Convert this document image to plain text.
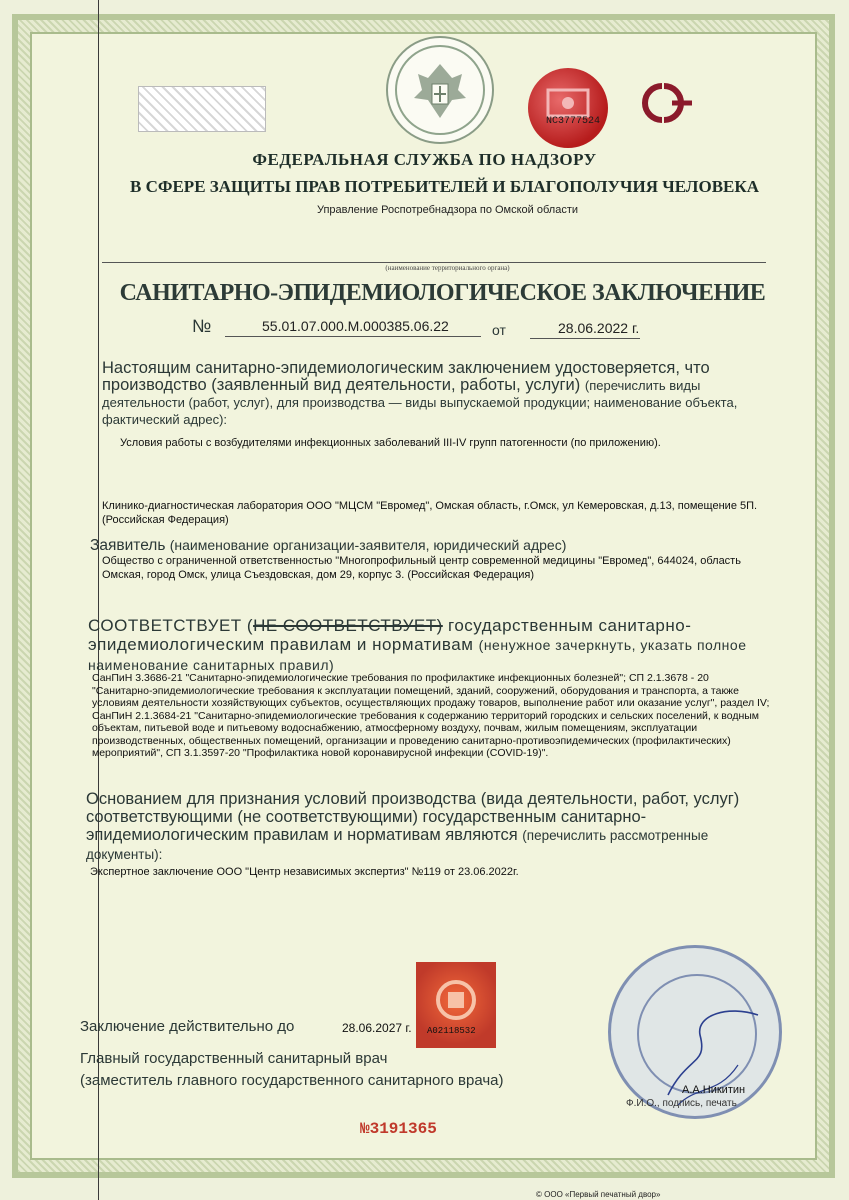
NC3777524
ФЕДЕРАЛЬНАЯ СЛУЖБА ПО НАДЗОРУ
В СФЕРЕ ЗАЩИТЫ ПРАВ ПОТРЕБИТЕЛЕЙ И БЛАГОПОЛУЧИЯ ЧЕЛОВЕКА
Управление Роспотребнадзора по Омской области
(наименование территориального органа)
САНИТАРНО-ЭПИДЕМИОЛОГИЧЕСКОЕ ЗАКЛЮЧЕНИЕ
№	55.01.07.000.М.000385.06.22	от	28.06.2022 г.
Настоящим санитарно-эпидемиологическим заключением удостоверяется, что производство (заявленный вид деятельности, работы, услуги) (перечислить виды деятельности (работ, услуг), для производства — виды выпускаемой продукции; наименование объекта, фактический адрес):
Условия работы с возбудителями инфекционных заболеваний III-IV групп патогенности (по приложению).
Клинико-диагностическая лаборатория ООО "МЦСМ "Евромед", Омская область, г.Омск, ул Кемеровская, д.13, помещение 5П. (Российская Федерация)
Заявитель (наименование организации-заявителя, юридический адрес)
Общество с ограниченной ответственностью "Многопрофильный центр современной медицины "Евромед", 644024, область Омская, город Омск, улица Съездовская, дом 29, корпус 3. (Российская Федерация)
СООТВЕТСТВУЕТ (НЕ СООТВЕТСТВУЕТ) государственным санитарно-эпидемиологическим правилам и нормативам (ненужное зачеркнуть, указать полное наименование санитарных правил)
СанПиН 3.3686-21 "Санитарно-эпидемиологические требования по профилактике инфекционных болезней"; СП 2.1.3678 - 20 "Санитарно-эпидемиологические требования к эксплуатации помещений, зданий, сооружений, оборудования и транспорта, а также условиям деятельности хозяйствующих субъектов, осуществляющих продажу товаров, выполнение работ или оказание услуг", раздел IV; СанПиН 2.1.3684-21 "Санитарно-эпидемиологические требования к содержанию территорий городских и сельских поселений, к водным объектам, питьевой воде и питьевому водоснабжению, атмосферному воздуху, почвам, жилым помещениям, эксплуатации производственных, общественных помещений, организации и проведению санитарно-противоэпидемических (профилактических) мероприятий", СП 3.1.3597-20 "Профилактика новой коронавирусной инфекции (COVID-19)".
Основанием для признания условий производства (вида деятельности, работ, услуг) соответствующими (не соответствующими) государственным санитарно-эпидемиологическим правилам и нормативам являются (перечислить рассмотренные документы):
Экспертное заключение ООО "Центр независимых экспертиз" №119 от 23.06.2022г.
A02118532
Заключение действительно до	28.06.2027 г.
Главный государственный санитарный врач
(заместитель главного государственного санитарного врача)
А.А.Никитин
Ф.И.О., подпись, печать
№3191365
© ООО «Первый печатный двор»
